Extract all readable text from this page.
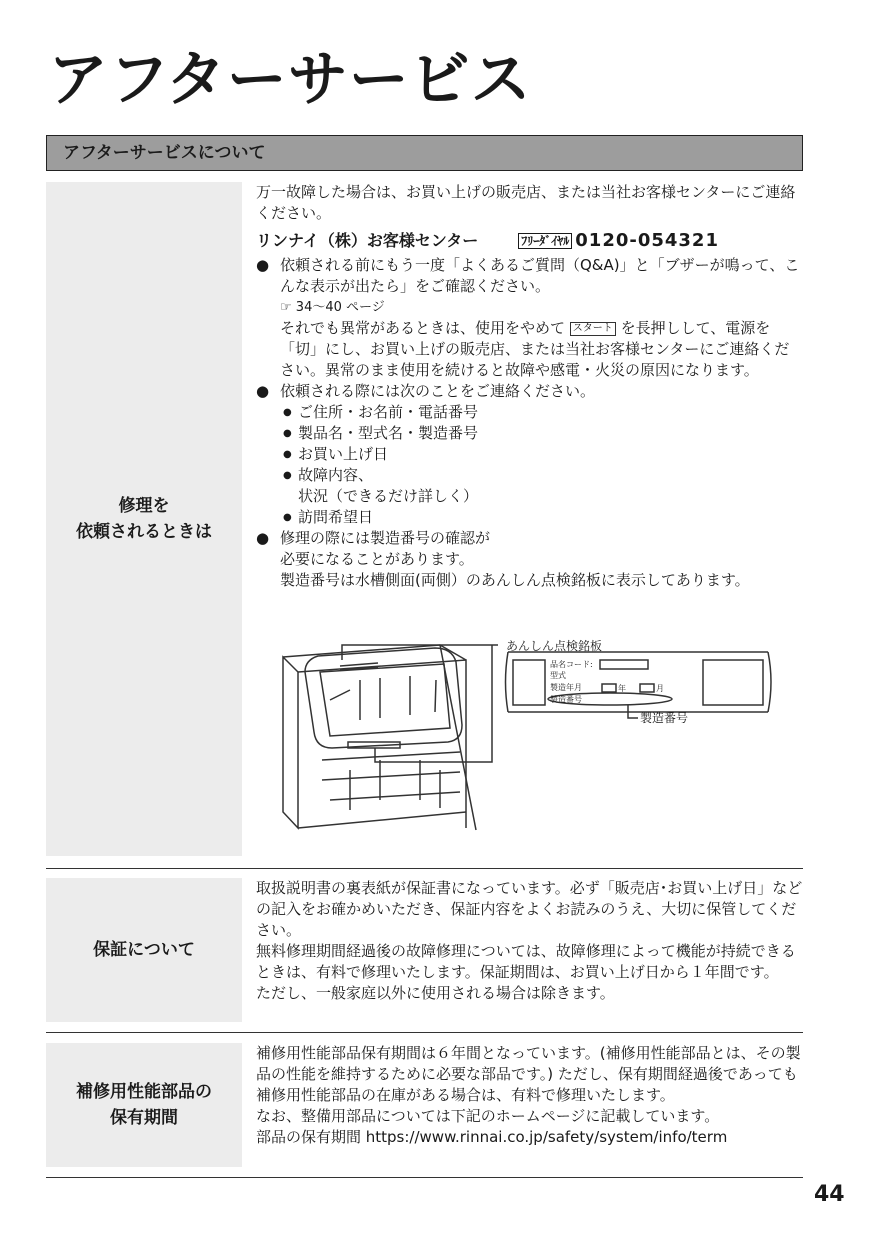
アフターサービス
アフターサービスについて
修理を
依頼されるときは

万一故障した場合は、お買い上げの販売店、または当社お客様センターにご連絡ください。

リンナイ（株）お客様センター	ﾌﾘｰﾀﾞｲﾔﾙ 0120-054321

● 依頼される前にもう一度「よくあるご質問（Q&A)」と「ブザーが鳴って、こんな表示が出たら」をご確認ください。

☞ 34～40 ページ

それでも異常があるときは、使用をやめて スタート を長押しして、電源を「切」にし、お買い上げの販売店、または当社お客様センターにご連絡ください。異常のまま使用を続けると故障や感電・火災の原因になります。

● 依頼される際には次のことをご連絡ください。

● ご住所・お名前・電話番号

● 製品名・型式名・製造番号

● お買い上げ日

● 故障内容、

状況（できるだけ詳しく）

● 訪問希望日

● 修理の際には製造番号の確認が

必要になることがあります。

製造番号は水槽側面(両側）のあんしん点検銘板に表示してあります。

あんしん点検銘板
品名コード:
型式
製造年月
製造番号
年	月
製造番号
保証について

取扱説明書の裏表紙が保証書になっています。必ず「販売店･お買い上げ日」などの記入をお確かめいただき、保証内容をよくお読みのうえ、大切に保管してください。

無料修理期間経過後の故障修理については、故障修理によって機能が持続できるときは、有料で修理いたします。保証期間は、お買い上げ日から１年間です。

ただし、一般家庭以外に使用される場合は除きます。

補修用性能部品の
保有期間

補修用性能部品保有期間は６年間となっています。(補修用性能部品とは、その製品の性能を維持するために必要な部品です。) ただし、保有期間経過後であっても補修用性能部品の在庫がある場合は、有料で修理いたします。

なお、整備用部品については下記のホームページに記載しています。

部品の保有期間 https://www.rinnai.co.jp/safety/system/info/term

44
